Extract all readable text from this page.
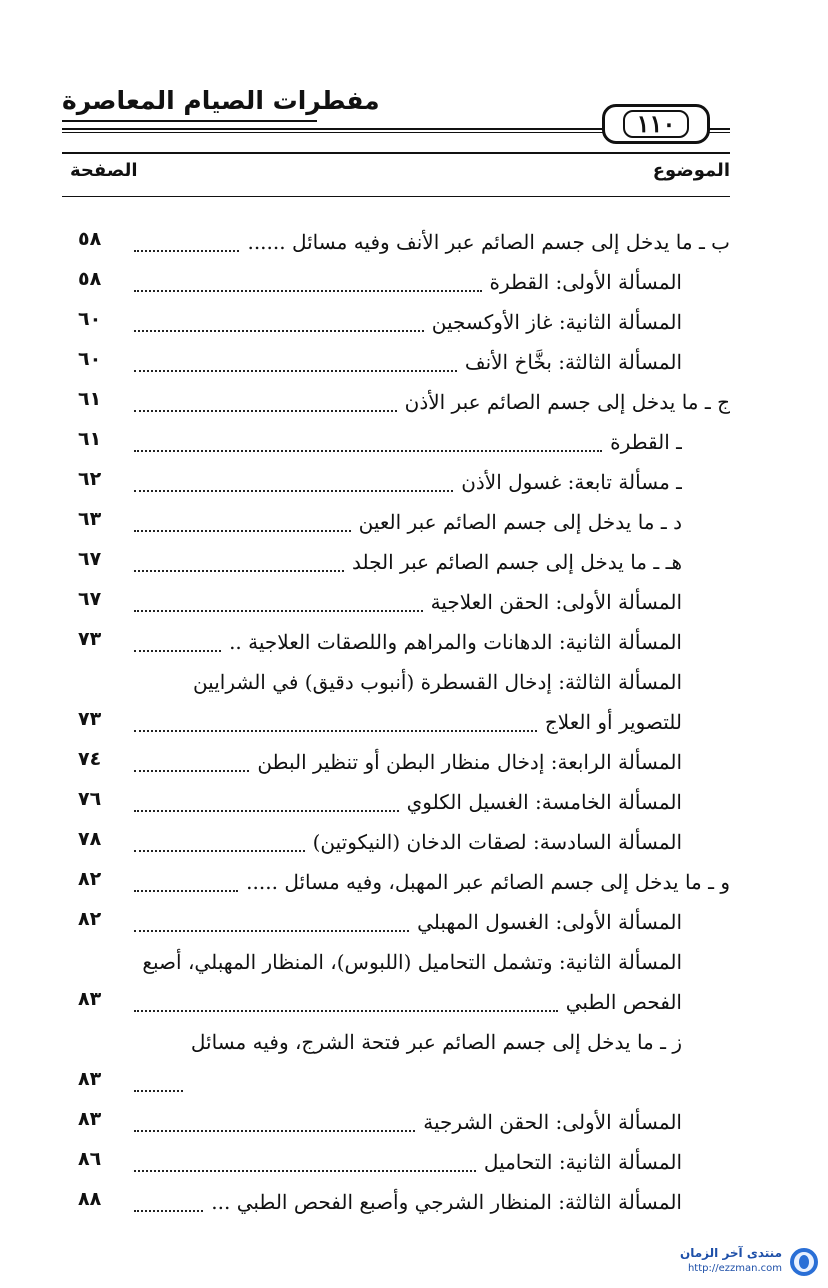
مفطرات الصيام المعاصرة
١١٠
الموضوع
الصفحة
ب ـ ما يدخل إلى جسم الصائم عبر الأنف وفيه مسائل ......
٥٨
المسألة الأولى: القطرة
٥٨
المسألة الثانية: غاز الأوكسجين
٦٠
المسألة الثالثة: بخَّاخ الأنف
٦٠
ج ـ ما يدخل إلى جسم الصائم عبر الأذن
٦١
ـ القطرة
٦١
ـ مسألة تابعة: غسول الأذن
٦٢
د ـ ما يدخل إلى جسم الصائم عبر العين
٦٣
هـ ـ ما يدخل إلى جسم الصائم عبر الجلد
٦٧
المسألة الأولى: الحقن العلاجية
٦٧
المسألة الثانية: الدهانات والمراهم واللصقات العلاجية ..
٧٣
المسألة الثالثة: إدخال القسطرة (أنبوب دقيق) في الشرايين للتصوير أو العلاج
٧٣
المسألة الرابعة: إدخال منظار البطن أو تنظير البطن
٧٤
المسألة الخامسة: الغسيل الكلوي
٧٦
المسألة السادسة: لصقات الدخان (النيكوتين)
٧٨
و ـ ما يدخل إلى جسم الصائم عبر المهبل، وفيه مسائل .....
٨٢
المسألة الأولى: الغسول المهبلي
٨٢
المسألة الثانية: وتشمل التحاميل (اللبوس)، المنظار المهبلي، أصبع الفحص الطبي
٨٣
ز ـ ما يدخل إلى جسم الصائم عبر فتحة الشرج، وفيه مسائل
٨٣
المسألة الأولى: الحقن الشرجية
٨٣
المسألة الثانية: التحاميل
٨٦
المسألة الثالثة: المنظار الشرجي وأصبع الفحص الطبي ...
٨٨
منتدى آخر الزمان
http://ezzman.com
